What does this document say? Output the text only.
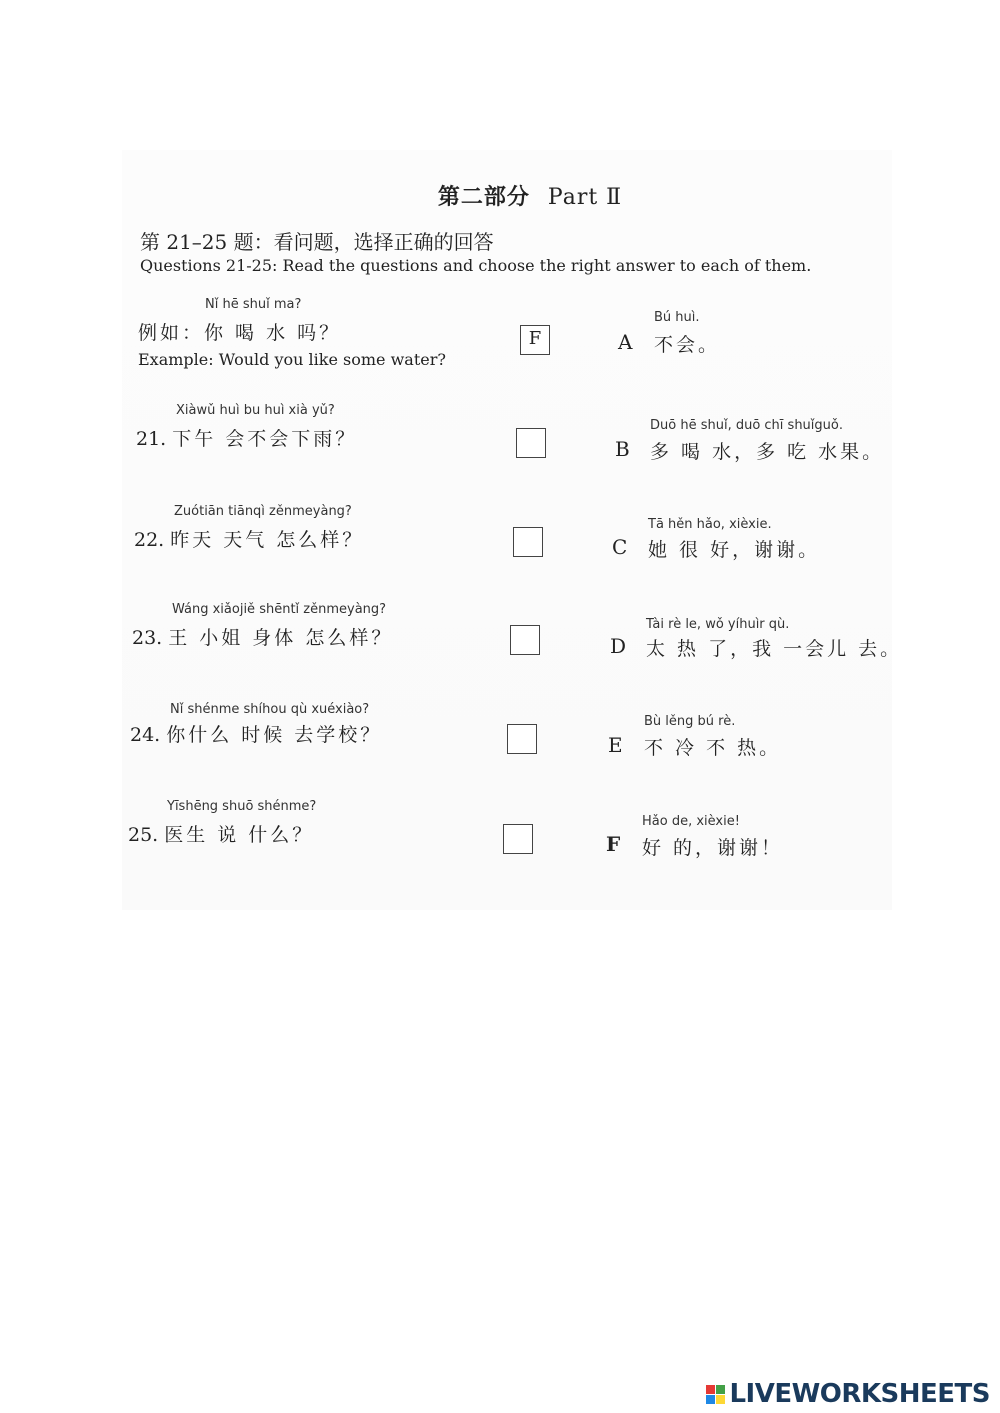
第二部分 Part Ⅱ
第 21–25 题：看问题，选择正确的回答
Questions 21-25: Read the questions and choose the right answer to each of them.
Nǐ hē shuǐ ma?
例如：你 喝 水 吗？
Example: Would you like some water?
F
Xiàwǔ huì bu huì xià yǔ?
21. 下午 会不会下雨？
Zuótiān tiānqì zěnmeyàng?
22. 昨天 天气 怎么样？
Wáng xiǎojiě shēntǐ zěnmeyàng?
23. 王 小姐 身体 怎么样？
Nǐ shénme shíhou qù xuéxiào?
24. 你什么 时候 去学校？
Yīshēng shuō shénme?
25. 医生 说 什么？
Bú huì.
A 不会。
Duō hē shuǐ, duō chī shuǐguǒ.
B 多 喝 水，多 吃 水果。
Tā hěn hǎo, xièxie.
C 她 很 好，谢谢。
Tài rè le, wǒ yíhuìr qù.
D 太 热 了，我 一会儿 去。
Bù lěng bú rè.
E 不 冷 不 热。
Hǎo de, xièxie!
F 好 的，谢谢！
LIVEWORKSHEETS
